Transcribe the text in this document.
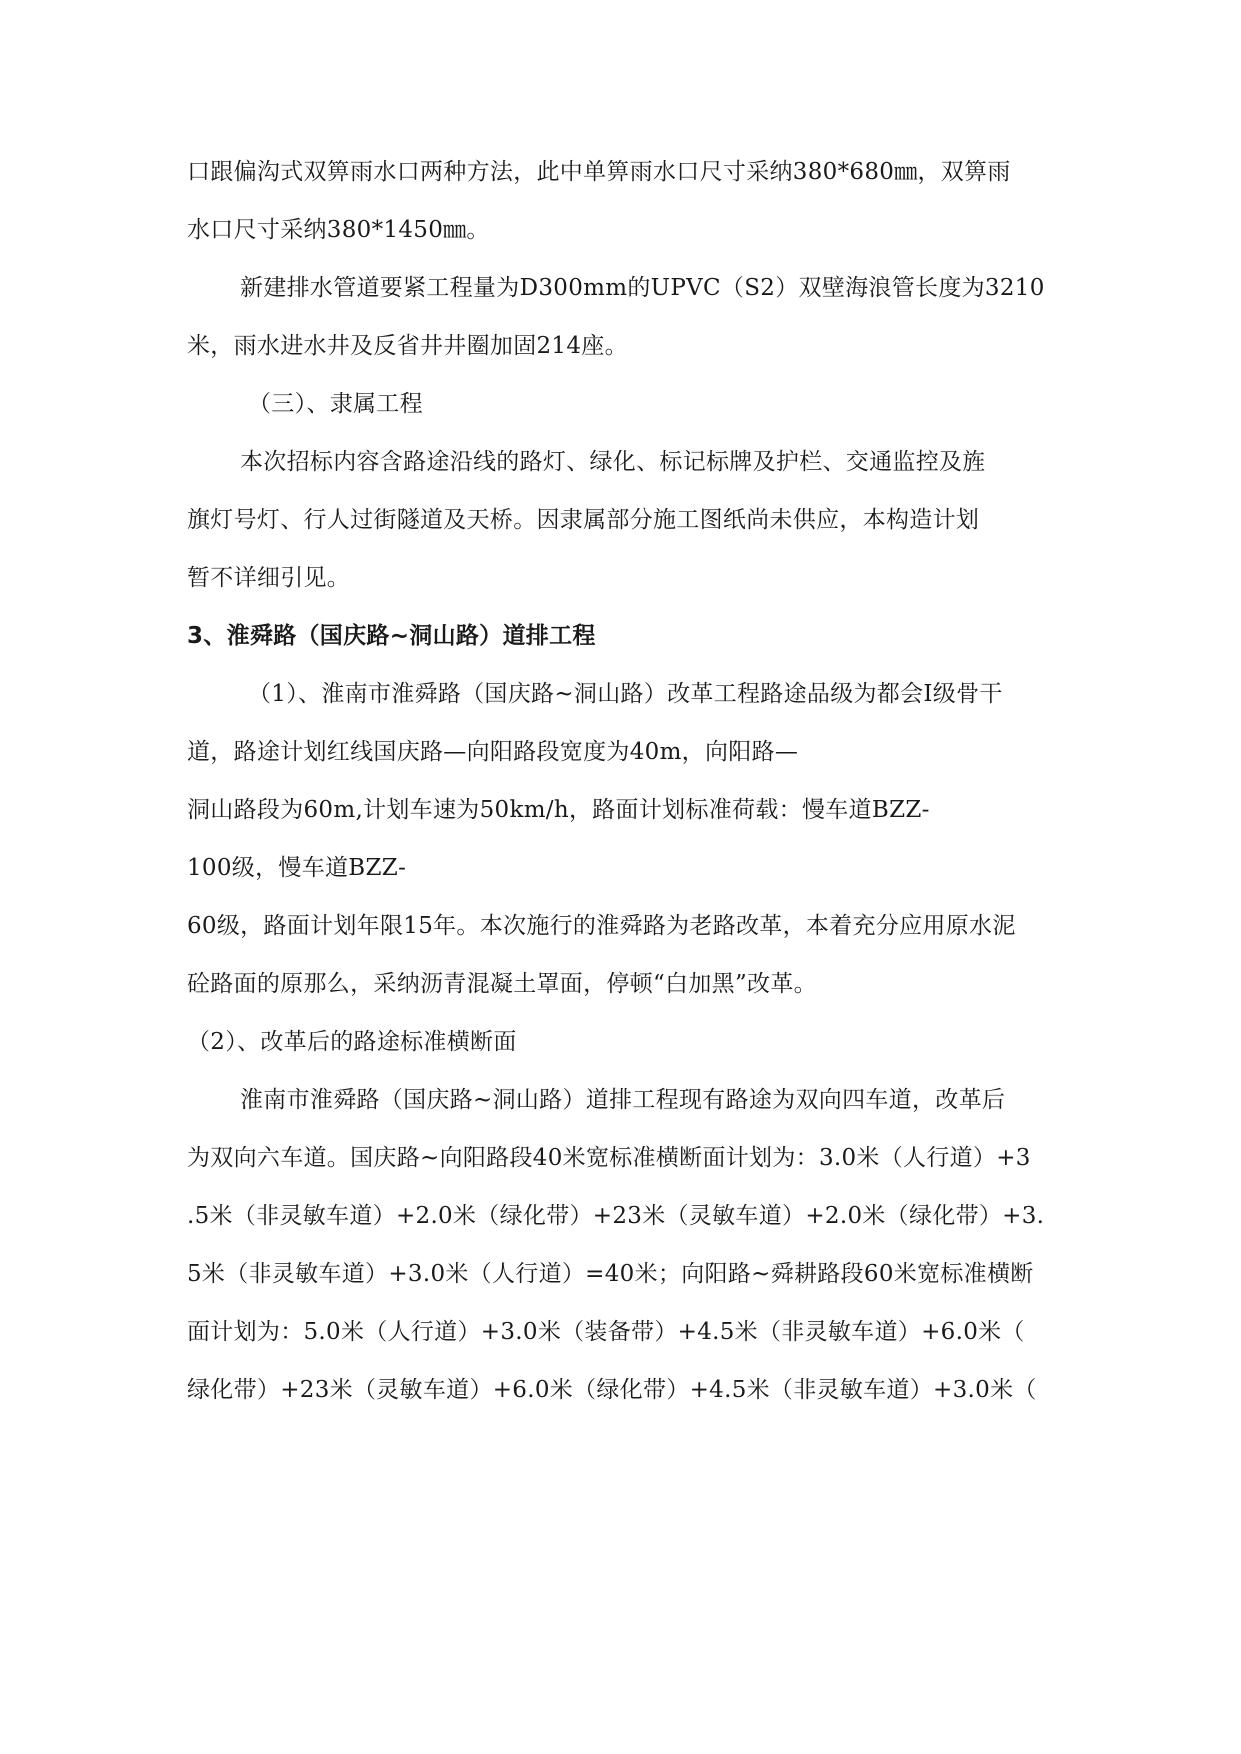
口跟偏沟式双箅雨水口两种方法，此中单箅雨水口尺寸采纳380*680㎜，双箅雨
水口尺寸采纳380*1450㎜。
新建排水管道要紧工程量为D300mm的UPVC（S2）双壁海浪管长度为3210
米，雨水进水井及反省井井圈加固214座。
（三）、隶属工程
本次招标内容含路途沿线的路灯、绿化、标记标牌及护栏、交通监控及旌
旗灯号灯、行人过街隧道及天桥。因隶属部分施工图纸尚未供应，本构造计划
暂不详细引见。
3、淮舜路（国庆路~洞山路）道排工程
（1）、淮南市淮舜路（国庆路~洞山路）改革工程路途品级为都会Ⅰ级骨干
道，路途计划红线国庆路—向阳路段宽度为40m，向阳路—
洞山路段为60m,计划车速为50km/h，路面计划标准荷载：慢车道BZZ-
100级，慢车道BZZ-
60级，路面计划年限15年。本次施行的淮舜路为老路改革，本着充分应用原水泥
砼路面的原那么，采纳沥青混凝土罩面，停顿“白加黑”改革。
（2）、改革后的路途标准横断面
淮南市淮舜路（国庆路~洞山路）道排工程现有路途为双向四车道，改革后
为双向六车道。国庆路~向阳路段40米宽标准横断面计划为：3.0米（人行道）+3
.5米（非灵敏车道）+2.0米（绿化带）+23米（灵敏车道）+2.0米（绿化带）+3.
5米（非灵敏车道）+3.0米（人行道）=40米；向阳路~舜耕路段60米宽标准横断
面计划为：5.0米（人行道）+3.0米（装备带）+4.5米（非灵敏车道）+6.0米（
绿化带）+23米（灵敏车道）+6.0米（绿化带）+4.5米（非灵敏车道）+3.0米（
